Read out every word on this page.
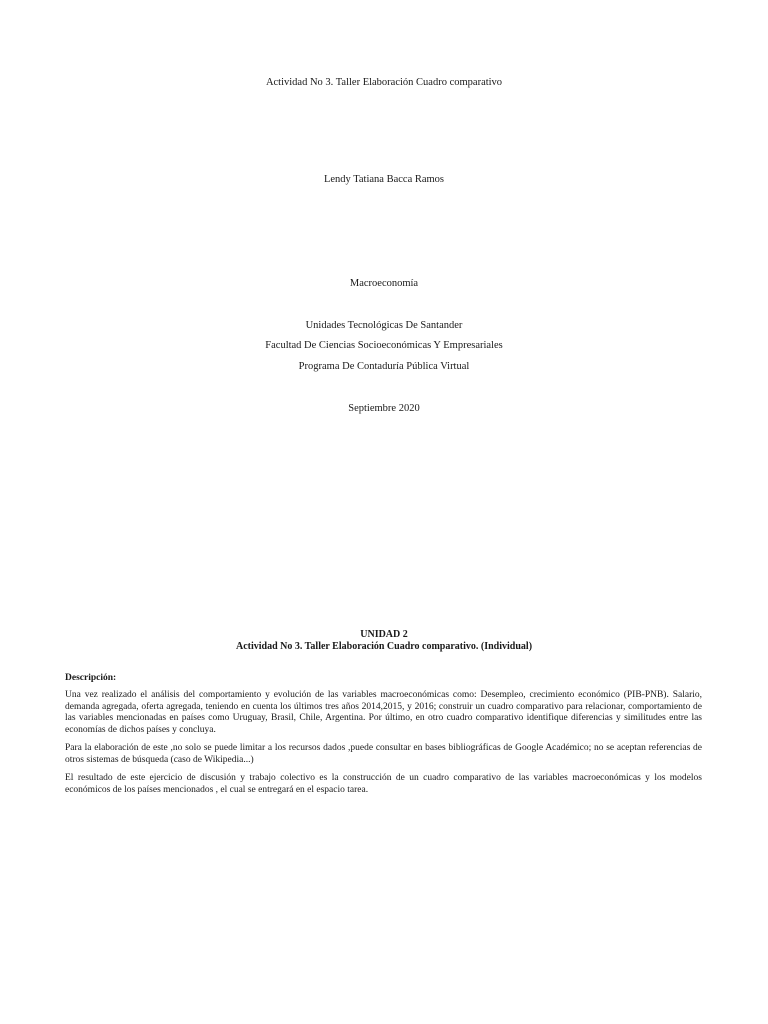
Actividad No 3. Taller Elaboración Cuadro comparativo
Lendy Tatiana Bacca Ramos
Macroeconomía
Unidades Tecnológicas De Santander
Facultad De Ciencias Socioeconómicas Y Empresariales
Programa De Contaduría Pública Virtual
Septiembre 2020
UNIDAD 2
Actividad No 3. Taller Elaboración Cuadro comparativo. (Individual)
Descripción:

Una vez realizado el análisis del comportamiento y evolución de las variables macroeconómicas como: Desempleo, crecimiento económico (PIB-PNB). Salario, demanda agregada, oferta agregada, teniendo en cuenta los últimos tres años 2014,2015, y 2016; construir un cuadro comparativo para relacionar, comportamiento de las variables mencionadas en países como Uruguay, Brasil, Chile, Argentina. Por último, en otro cuadro comparativo identifique diferencias y similitudes entre las economías de dichos países y concluya.

Para la elaboración de este ,no solo se puede limitar a los recursos dados ,puede consultar en bases bibliográficas de Google Académico; no se aceptan referencias de otros sistemas de búsqueda (caso de Wikipedia...)

El resultado de este ejercicio de discusión y trabajo colectivo es la construcción de un cuadro comparativo de las variables macroeconómicas y los modelos económicos de los países mencionados , el cual se entregará en el espacio tarea.
